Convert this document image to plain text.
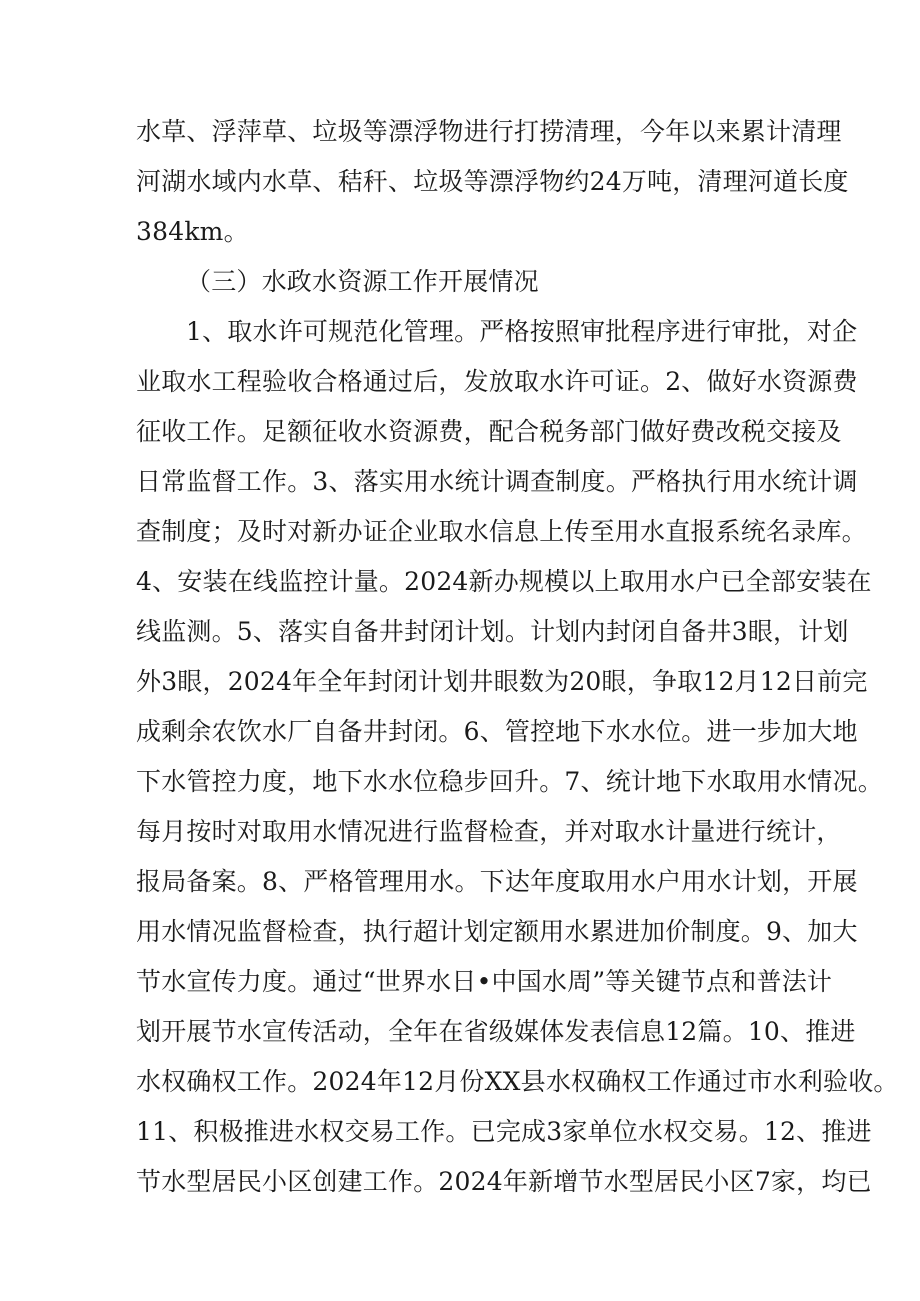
水草、浮萍草、垃圾等漂浮物进行打捞清理，今年以来累计清理
河湖水域内水草、秸秆、垃圾等漂浮物约24万吨，清理河道长度
384km。
（三）水政水资源工作开展情况
1、取水许可规范化管理。严格按照审批程序进行审批，对企
业取水工程验收合格通过后，发放取水许可证。2、做好水资源费
征收工作。足额征收水资源费，配合税务部门做好费改税交接及
日常监督工作。3、落实用水统计调查制度。严格执行用水统计调
查制度；及时对新办证企业取水信息上传至用水直报系统名录库。
4、安装在线监控计量。2024新办规模以上取用水户已全部安装在
线监测。5、落实自备井封闭计划。计划内封闭自备井3眼，计划
外3眼，2024年全年封闭计划井眼数为20眼，争取12月12日前完
成剩余农饮水厂自备井封闭。6、管控地下水水位。进一步加大地
下水管控力度，地下水水位稳步回升。7、统计地下水取用水情况。
每月按时对取用水情况进行监督检查，并对取水计量进行统计，
报局备案。8、严格管理用水。下达年度取用水户用水计划，开展
用水情况监督检查，执行超计划定额用水累进加价制度。9、加大
节水宣传力度。通过“世界水日•中国水周”等关键节点和普法计
划开展节水宣传活动，全年在省级媒体发表信息12篇。10、推进
水权确权工作。2024年12月份XX县水权确权工作通过市水利验收。
11、积极推进水权交易工作。已完成3家单位水权交易。12、推进
节水型居民小区创建工作。2024年新增节水型居民小区7家，均已
